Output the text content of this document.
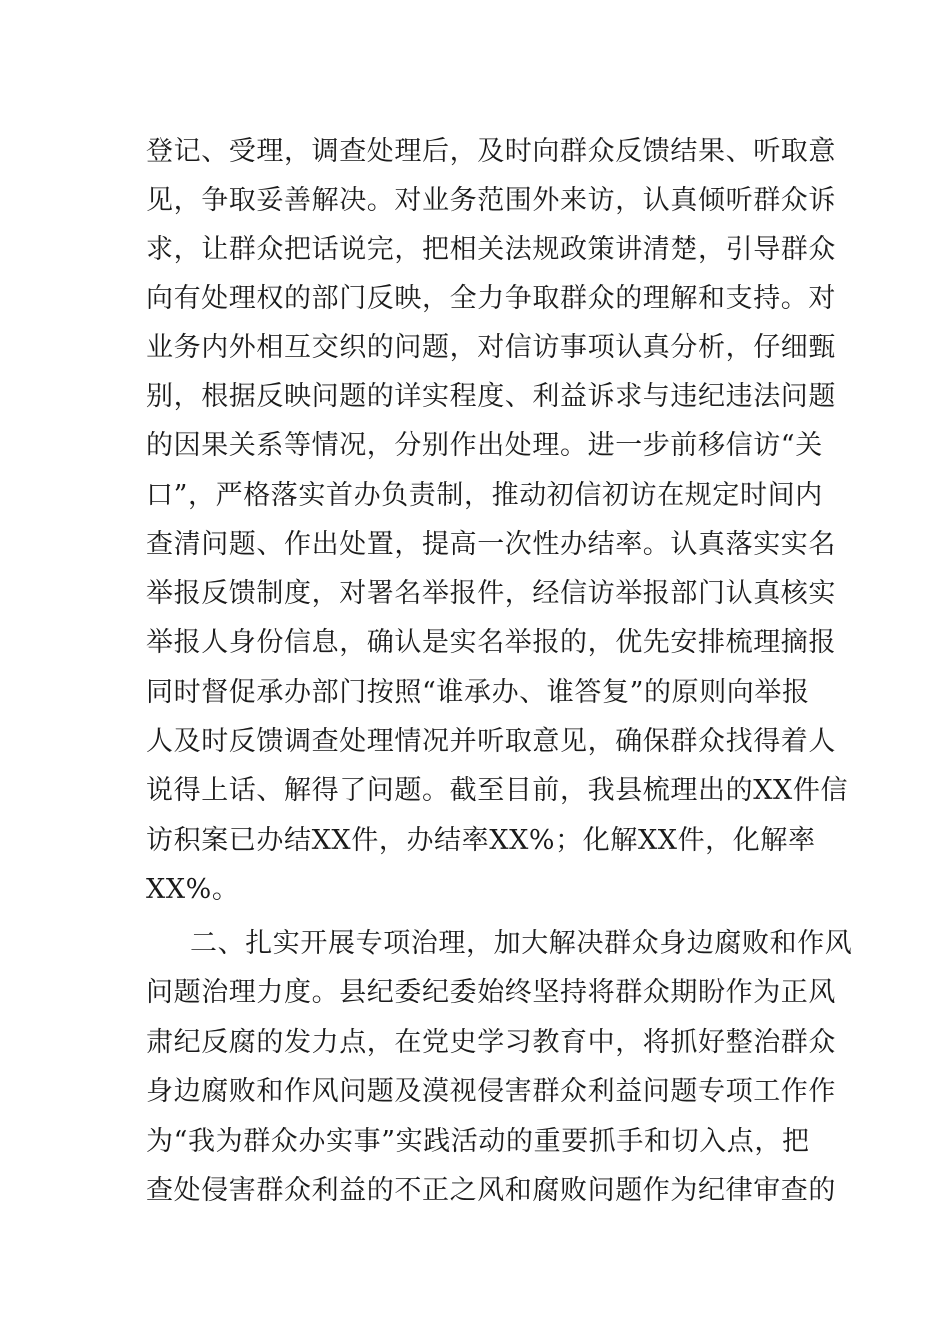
登记、受理，调查处理后，及时向群众反馈结果、听取意
见，争取妥善解决。对业务范围外来访，认真倾听群众诉
求，让群众把话说完，把相关法规政策讲清楚，引导群众
向有处理权的部门反映，全力争取群众的理解和支持。对
业务内外相互交织的问题，对信访事项认真分析，仔细甄
别，根据反映问题的详实程度、利益诉求与违纪违法问题
的因果关系等情况，分别作出处理。进一步前移信访“关
口”，严格落实首办负责制，推动初信初访在规定时间内
查清问题、作出处置，提高一次性办结率。认真落实实名
举报反馈制度，对署名举报件，经信访举报部门认真核实
举报人身份信息，确认是实名举报的，优先安排梳理摘报
同时督促承办部门按照“谁承办、谁答复”的原则向举报
人及时反馈调查处理情况并听取意见，确保群众找得着人
说得上话、解得了问题。截至目前，我县梳理出的XX件信
访积案已办结XX件，办结率XX%；化解XX件，化解率
XX%。
二、扎实开展专项治理，加大解决群众身边腐败和作风
问题治理力度。县纪委纪委始终坚持将群众期盼作为正风
肃纪反腐的发力点，在党史学习教育中，将抓好整治群众
身边腐败和作风问题及漠视侵害群众利益问题专项工作作
为“我为群众办实事”实践活动的重要抓手和切入点，把
查处侵害群众利益的不正之风和腐败问题作为纪律审查的
